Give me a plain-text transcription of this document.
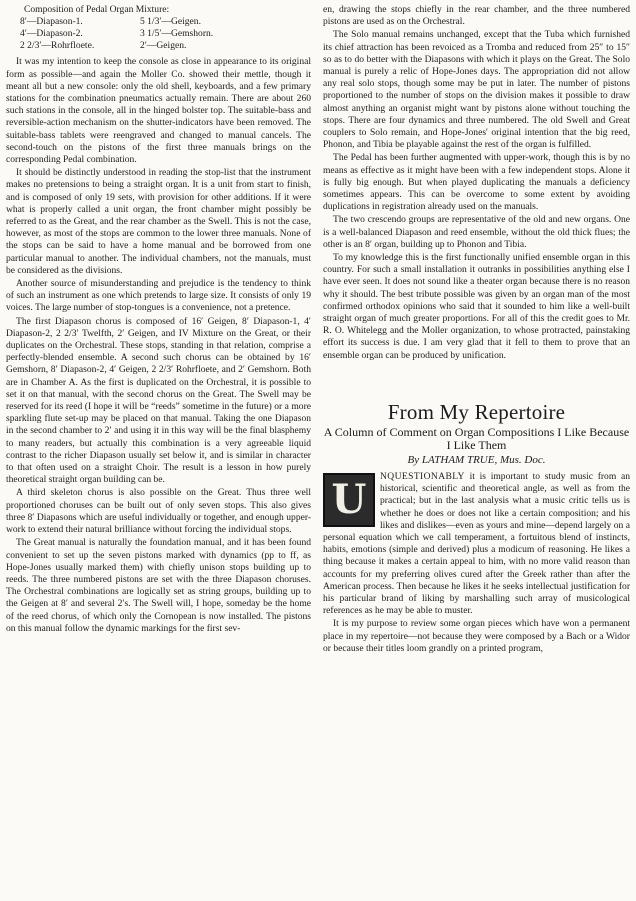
Composition of Pedal Organ Mixture:
8′—Diapason-1.	5 1/3′—Geigen.
4′—Diapason-2.	3 1/5′—Gemshorn.
2 2/3′—Rohrfloete.	2′—Geigen.

It was my intention to keep the console as close in appearance to its original form as possible—and again the Moller Co. showed their mettle, though it meant all but a new console: only the old shell, keyboards, and a few primary stations for the combination pneumatics actually remain. There are about 260 such stations in the console, all in the hinged bolster top. The suitable-bass and reversible-action mechanism on the shutter-indicators have been removed. The suitable-bass tablets were reengraved and changed to manual cancels. The second-touch on the pistons of the first three manuals brings on the corresponding Pedal combination.

It should be distinctly understood in reading the stop-list that the instrument makes no pretensions to being a straight organ. It is a unit from start to finish, and is composed of only 19 sets, with provision for other additions. If it were what is properly called a unit organ, the front chamber might possibly be referred to as the Great, and the rear chamber as the Swell. This is not the case, however, as most of the stops are common to the lower three manuals. None of the stops can be said to have a home manual and be borrowed from one particular manual to another. The individual chambers, not the manuals, must be considered as the divisions.

Another source of misunderstanding and prejudice is the tendency to think of such an instrument as one which pretends to large size. It consists of only 19 voices. The large number of stop-tongues is a convenience, not a pretence.

The first Diapason chorus is composed of 16′ Geigen, 8′ Diapason-1, 4′ Diapason-2, 2 2/3′ Twelfth, 2′ Geigen, and IV Mixture on the Great, or their duplicates on the Orchestral. These stops, standing in that relation, comprise a perfectly-blended ensemble. A second such chorus can be obtained by 16′ Gemshorn, 8′ Diapason-2, 4′ Geigen, 2 2/3′ Rohrfloete, and 2′ Gemshorn. Both are in Chamber A. As the first is duplicated on the Orchestral, it is possible to set it on that manual, with the second chorus on the Great. The Swell may be reserved for its reed (I hope it will be “reeds” sometime in the future) or a more sparkling flute set-up may be placed on that manual. Taking the one Diapason in the second chamber to 2′ and using it in this way will be the final blasphemy to many readers, but actually this combination is a very agreeable liquid contrast to the richer Diapason usually set below it, and is similar in character to that often used on a straight Choir. The result is a lesson in how purely theoretical straight organ building can be.

A third skeleton chorus is also possible on the Great. Thus three well proportioned choruses can be built out of only seven stops. This also gives three 8′ Diapasons which are useful individually or together, and enough upper-work to extend their natural brilliance without forcing the individual stops.

The Great manual is naturally the foundation manual, and it has been found convenient to set up the seven pistons marked with dynamics (pp to ff, as Hope-Jones usually marked them) with chiefly unison stops building up to reeds. The three numbered pistons are set with the three Diapason choruses. The Orchestral combinations are logically set as string groups, building up to the Geigen at 8′ and several 2′s. The Swell will, I hope, someday be the home of the reed chorus, of which only the Cornopean is now installed. The pistons on this manual follow the dynamic markings for the first sev-

en, drawing the stops chiefly in the rear chamber, and the three numbered pistons are used as on the Orchestral.

The Solo manual remains unchanged, except that the Tuba which furnished its chief attraction has been revoiced as a Tromba and reduced from 25″ to 15″ so as to do better with the Diapasons with which it plays on the Great. The Solo manual is purely a relic of Hope-Jones days. The appropriation did not allow any real solo stops, though some may be put in later. The number of pistons proportioned to the number of stops on the division makes it possible to draw almost anything an organist might want by pistons alone without touching the stops. There are four dynamics and three numbered. The old Swell and Great couplers to Solo remain, and Hope-Jones' original intention that the big reed, Phonon, and Tibia be playable against the rest of the organ is fulfilled.

The Pedal has been further augmented with upper-work, though this is by no means as effective as it might have been with a few independent stops. Alone it is fully big enough. But when played duplicating the manuals a deficiency sometimes appears. This can be overcome to some extent by avoiding duplications in registration already used on the manuals.

The two crescendo groups are representative of the old and new organs. One is a well-balanced Diapason and reed ensemble, without the old thick flues; the other is an 8′ organ, building up to Phonon and Tibia.

To my knowledge this is the first functionally unified ensemble organ in this country. For such a small installation it outranks in possibilities anything else I have ever seen. It does not sound like a theater organ because there is no reason why it should. The best tribute possible was given by an organ man of the most confirmed orthodox opinions who said that it sounded to him like a well-built straight organ of much greater proportions. For all of this the credit goes to Mr. R. O. Whitelegg and the Moller organization, to whose protracted, painstaking effort its success is due. I am very glad that it fell to them to prove that an ensemble organ can be produced by unification.

From My Repertoire
A Column of Comment on Organ Compositions I Like Because I Like Them
By LATHAM TRUE, Mus. Doc.

U	NQUESTIONABLY it is important to study music from an historical, scientific and theoretical angle, as well as from the practical; but in the last analysis what a music critic tells us is whether he does or does not like a certain composition; and his likes and dislikes—even as yours and mine—depend largely on a personal equation which we call temperament, a fortuitous blend of instincts, habits, emotions (simple and derived) plus a modicum of reasoning. He likes a thing because it makes a certain appeal to him, with no more valid reason than accounts for my preferring olives cured after the Greek rather than after the American process. Then because he likes it he seeks intellectual justification for his particular brand of liking by marshalling such array of musicological references as he may be able to muster.

It is my purpose to review some organ pieces which have won a permanent place in my repertoire—not because they were composed by a Bach or a Widor or because their titles loom grandly on a printed program,
